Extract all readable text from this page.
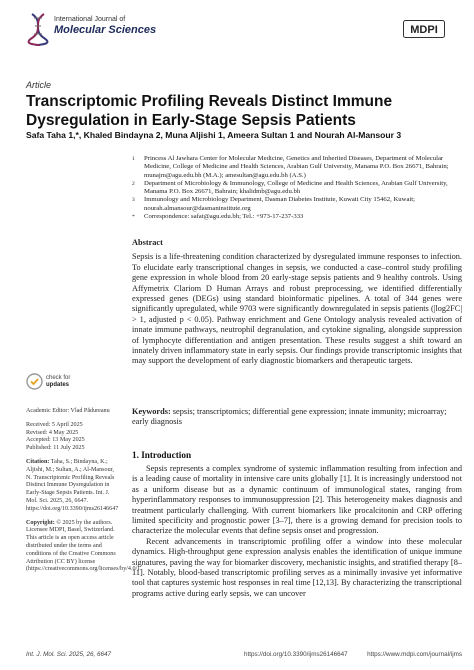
International Journal of
Molecular Sciences	MDPI
Article
Transcriptomic Profiling Reveals Distinct Immune Dysregulation in Early-Stage Sepsis Patients
Safa Taha 1,*, Khaled Bindayna 2, Muna Aljishi 1, Ameera Sultan 1 and Nourah Al-Mansour 3
1 Princess Al Jawhara Center for Molecular Medicine, Genetics and Inherited Diseases, Department of Molecular Medicine, College of Medicine and Health Sciences, Arabian Gulf University, Manama P.O. Box 26671, Bahrain; munajm@agu.edu.bh (M.A.); amesultan@agu.edu.bh (A.S.)
2 Department of Microbiology & Immunology, College of Medicine and Health Sciences, Arabian Gulf University, Manama P.O. Box 26671, Bahrain; khalidmb@agu.edu.bh
3 Immunology and Microbiology Department, Dasman Diabetes Institute, Kuwait City 15462, Kuwait; nourah.almansour@dasmaninstitute.org
* Correspondence: safat@agu.edu.bh; Tel.: +973-17-237-333
Abstract
Sepsis is a life-threatening condition characterized by dysregulated immune responses to infection. To elucidate early transcriptional changes in sepsis, we conducted a case–control study profiling gene expression in whole blood from 20 early-stage sepsis patients and 9 healthy controls. Using Affymetrix Clariom D Human Arrays and robust preprocessing, we identified differentially expressed genes (DEGs) using standard bioinformatic pipelines. A total of 344 genes were significantly upregulated, while 9703 were significantly downregulated in sepsis patients (|log2FC| > 1, adjusted p < 0.05). Pathway enrichment and Gene Ontology analysis revealed activation of innate immune pathways, neutrophil degranulation, and cytokine signaling, alongside suppression of lymphocyte differentiation and antigen presentation. These results suggest a shift toward an innately driven inflammatory state in early sepsis. Our findings provide transcriptomic insights that may support the development of early diagnostic biomarkers and therapeutic targets.
Keywords: sepsis; transcriptomics; differential gene expression; innate immunity; microarray; early diagnosis
check for
updates
Academic Editor: Vlad Pădureanu
Received: 5 April 2025
Revised: 4 May 2025
Accepted: 13 May 2025
Published: 11 July 2025
Citation: Taha, S.; Bindayna, K.; Aljishi, M.; Sultan, A.; Al-Mansour, N. Transcriptomic Profiling Reveals Distinct Immune Dysregulation in Early-Stage Sepsis Patients. Int. J. Mol. Sci. 2025, 26, 6647. https://doi.org/10.3390/ijms26146647
Copyright: © 2025 by the authors. Licensee MDPI, Basel, Switzerland. This article is an open access article distributed under the terms and conditions of the Creative Commons Attribution (CC BY) license (https://creativecommons.org/licenses/by/4.0/).
1. Introduction

Sepsis represents a complex syndrome of systemic inflammation resulting from infection and is a leading cause of mortality in intensive care units globally [1]. It is increasingly understood not as a uniform disease but as a dynamic continuum of immunological states, ranging from hyperinflammatory responses to immunosuppression [2]. This heterogeneity makes diagnosis and treatment particularly challenging. With current biomarkers like procalcitonin and CRP offering limited specificity and prognostic power [3–7], there is a growing demand for precision tools to characterize the molecular events that define sepsis onset and progression.

Recent advancements in transcriptomic profiling offer a window into these molecular dynamics. High-throughput gene expression analysis enables the identification of unique immune signatures, paving the way for biomarker discovery, mechanistic insights, and stratified therapy [8–11]. Notably, blood-based transcriptomic profiling serves as a minimally invasive yet informative tool that captures systemic host responses in real time [12,13]. By characterizing the transcriptional programs active during early sepsis, we can uncover

Int. J. Mol. Sci. 2025, 26, 6647	https://doi.org/10.3390/ijms26146647	https://www.mdpi.com/journal/ijms
